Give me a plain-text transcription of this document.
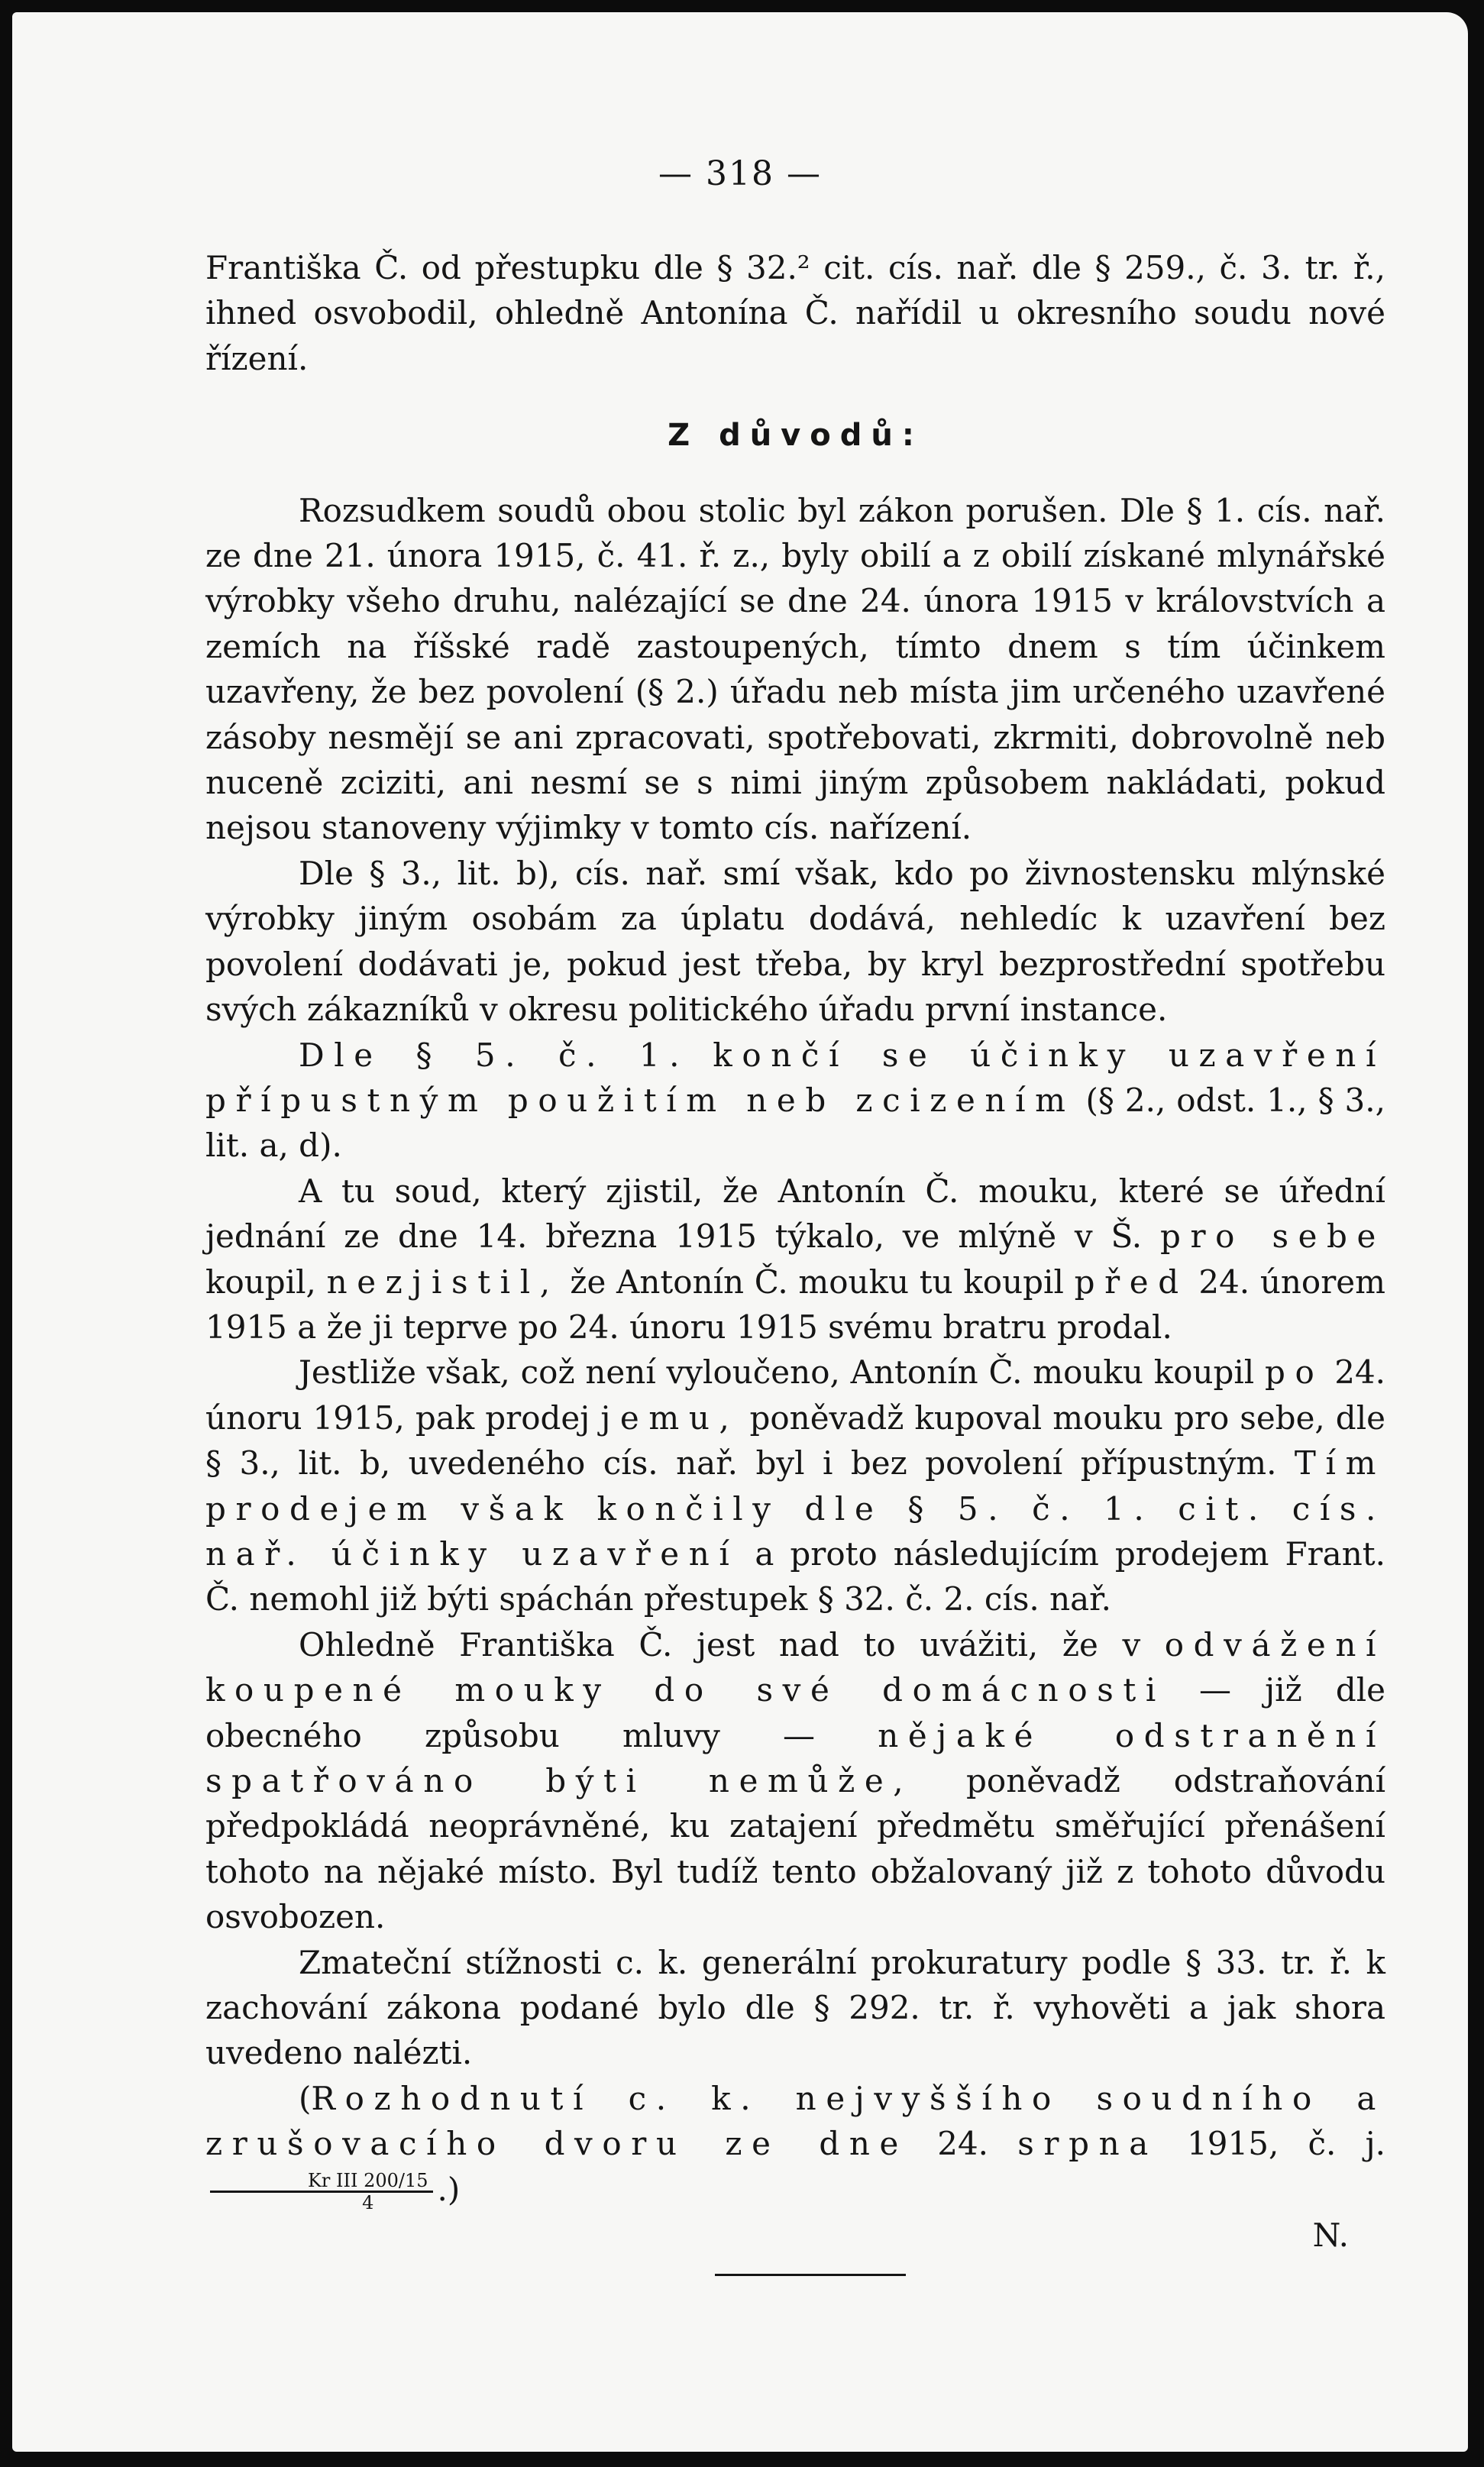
— 318 —

Františka Č. od přestupku dle § 32.² cit. cís. nař. dle § 259., č. 3. tr. ř., ihned osvobodil, ohledně Antonína Č. nařídil u okresního soudu nové řízení.

Z důvodů:

Rozsudkem soudů obou stolic byl zákon porušen. Dle § 1. cís. nař. ze dne 21. února 1915, č. 41. ř. z., byly obilí a z obilí získané mlynářské výrobky všeho druhu, nalézající se dne 24. února 1915 v královstvích a zemích na říšské radě zastoupených, tímto dnem s tím účinkem uzavřeny, že bez povolení (§ 2.) úřadu neb místa jim určeného uzavřené zásoby nesmějí se ani zpracovati, spotřebovati, zkrmiti, dobrovolně neb nuceně zciziti, ani nesmí se s nimi jiným způsobem nakládati, pokud nejsou stanoveny výjimky v tomto cís. nařízení.

Dle § 3., lit. b), cís. nař. smí však, kdo po živnostensku mlýnské výrobky jiným osobám za úplatu dodává, nehledíc k uzavření bez povolení dodávati je, pokud jest třeba, by kryl bezprostřední spotřebu svých zákazníků v okresu politického úřadu první instance.

Dle § 5. č. 1. končí se účinky uzavření přípustným použitím neb zcizením (§ 2., odst. 1., § 3., lit. a, d).

A tu soud, který zjistil, že Antonín Č. mouku, které se úřední jednání ze dne 14. března 1915 týkalo, ve mlýně v Š. pro sebe koupil, nezjistil, že Antonín Č. mouku tu koupil před 24. únorem 1915 a že ji teprve po 24. únoru 1915 svému bratru prodal.

Jestliže však, což není vyloučeno, Antonín Č. mouku koupil po 24. únoru 1915, pak prodej jemu, poněvadž kupoval mouku pro sebe, dle § 3., lit. b, uvedeného cís. nař. byl i bez povolení přípustným. Tím prodejem však končily dle § 5. č. 1. cit. cís. nař. účinky uzavření a proto následujícím prodejem Frant. Č. nemohl již býti spáchán přestupek § 32. č. 2. cís. nař.

Ohledně Františka Č. jest nad to uvážiti, že v odvážení koupené mouky do své domácnosti — již dle obecného způsobu mluvy — nějaké odstranění spatřováno býti nemůže, poněvadž odstraňování předpokládá neoprávněné, ku zatajení předmětu směřující přenášení tohoto na nějaké místo. Byl tudíž tento obžalovaný již z tohoto důvodu osvobozen.

Zmateční stížnosti c. k. generální prokuratury podle § 33. tr. ř. k zachování zákona podané bylo dle § 292. tr. ř. vyhověti a jak shora uvedeno nalézti.

(Rozhodnutí c. k. nejvyššího soudního a zrušovacího dvoru ze dne 24. srpna 1915, č. j.
$\frac{\text{Kr III 200/15}}{4}$ .)

N.
